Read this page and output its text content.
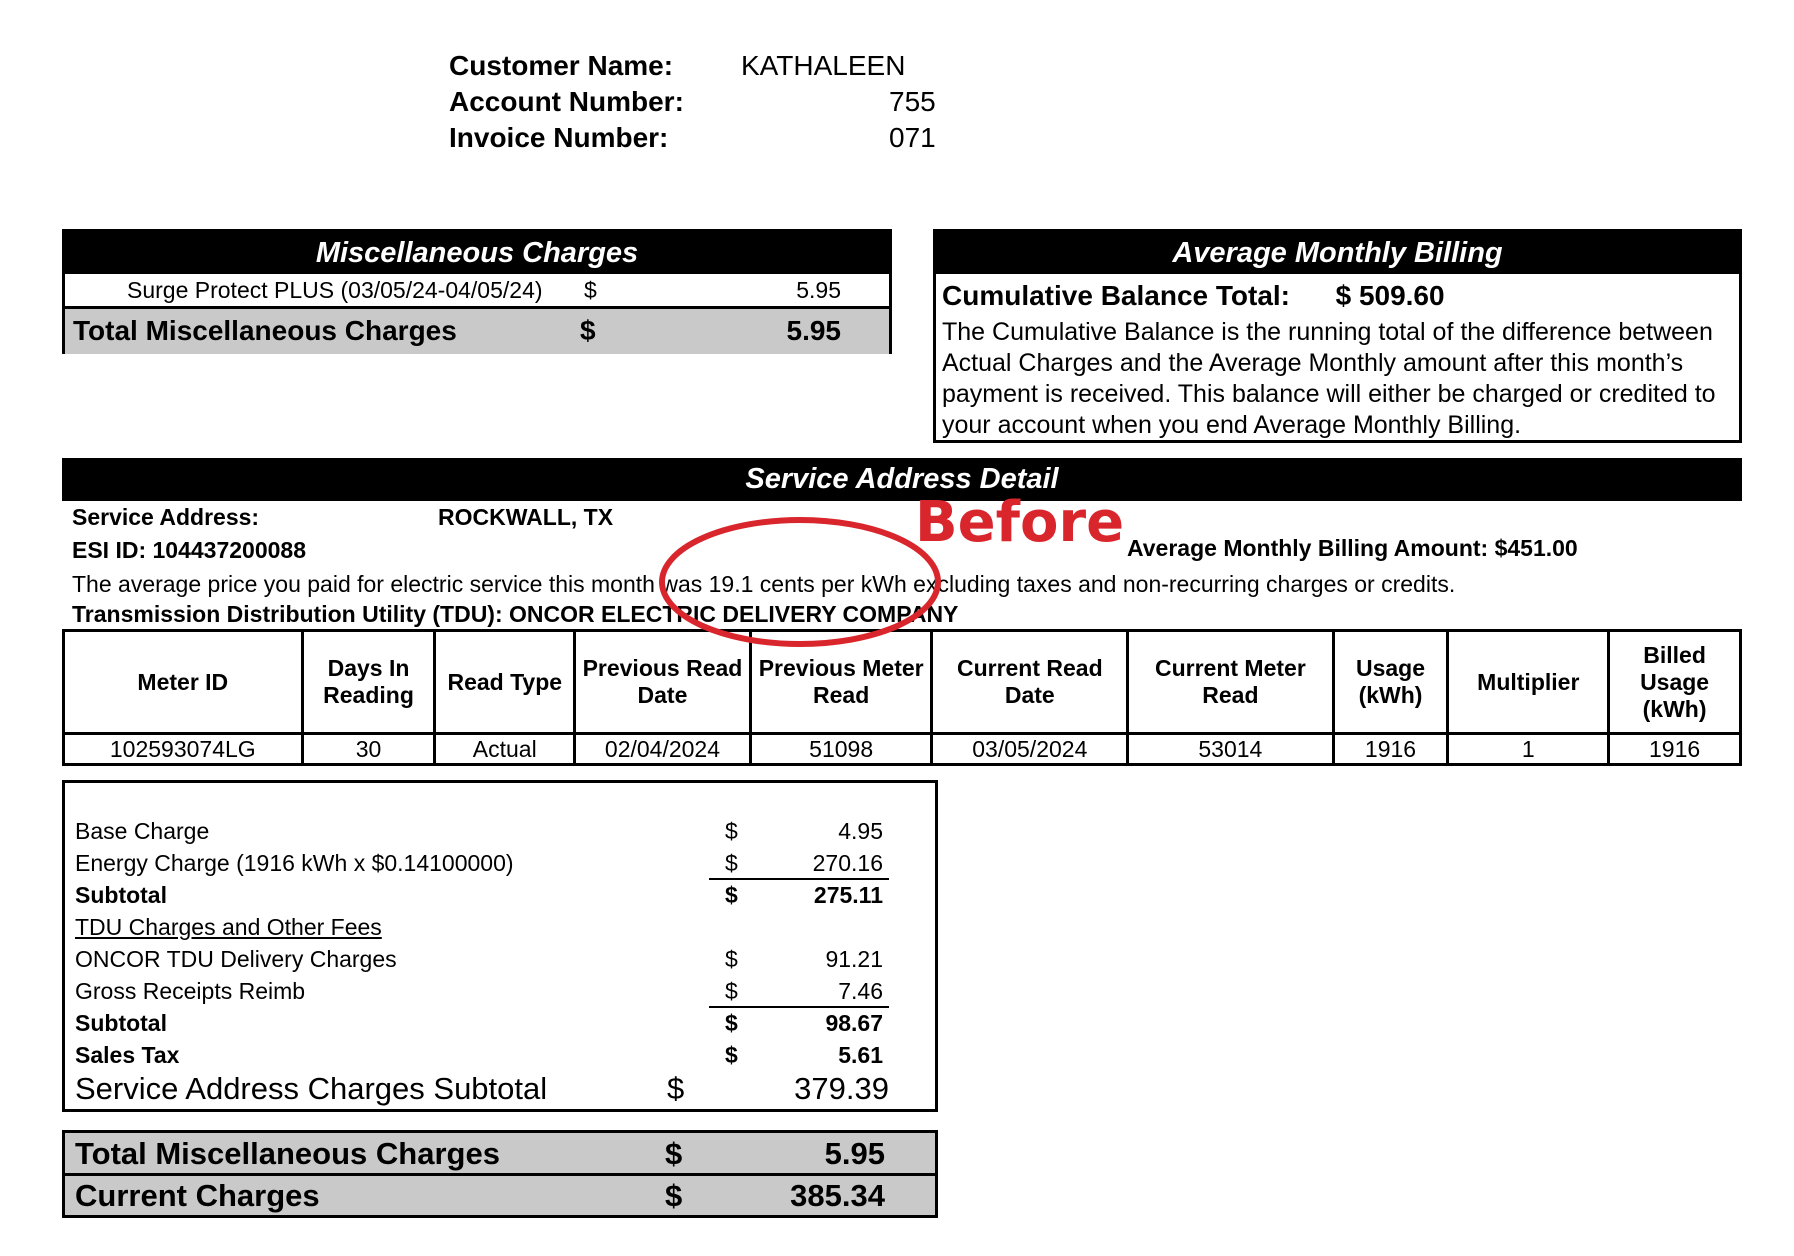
Customer Name: KATHALEEN
Account Number:	755
Invoice Number:	071
Miscellaneous Charges
Surge Protect PLUS (03/05/24-04/05/24) $	5.95
Total Miscellaneous Charges	$	5.95
Average Monthly Billing
Cumulative Balance Total: $ 509.60
The Cumulative Balance is the running total of the difference between Actual Charges and the Average Monthly amount after this month’s payment is received. This balance will either be charged or credited to your account when you end Average Monthly Billing.
Service Address Detail
Service Address:	ROCKWALL, TX
ESI ID: 104437200088	Average Monthly Billing Amount: $451.00
The average price you paid for electric service this month was 19.1 cents per kWh excluding taxes and non-recurring charges or credits.
Transmission Distribution Utility (TDU): ONCOR ELECTRIC DELIVERY COMPANY
Meter ID	Days In Reading	Read Type	Previous Read Date	Previous Meter Read	Current Read Date	Current Meter Read	Usage (kWh)	Multiplier	Billed Usage (kWh)
102593074LG	30	Actual	02/04/2024	51098	03/05/2024	53014	1916	1	1916
Base Charge	$	4.95
Energy Charge (1916 kWh x $0.14100000)	$	270.16
Subtotal	$	275.11
TDU Charges and Other Fees
ONCOR TDU Delivery Charges	$	91.21
Gross Receipts Reimb	$	7.46
Subtotal	$	98.67
Sales Tax	$	5.61
Service Address Charges Subtotal	$	379.39
Total Miscellaneous Charges	$	5.95
Current Charges	$	385.34
Before
